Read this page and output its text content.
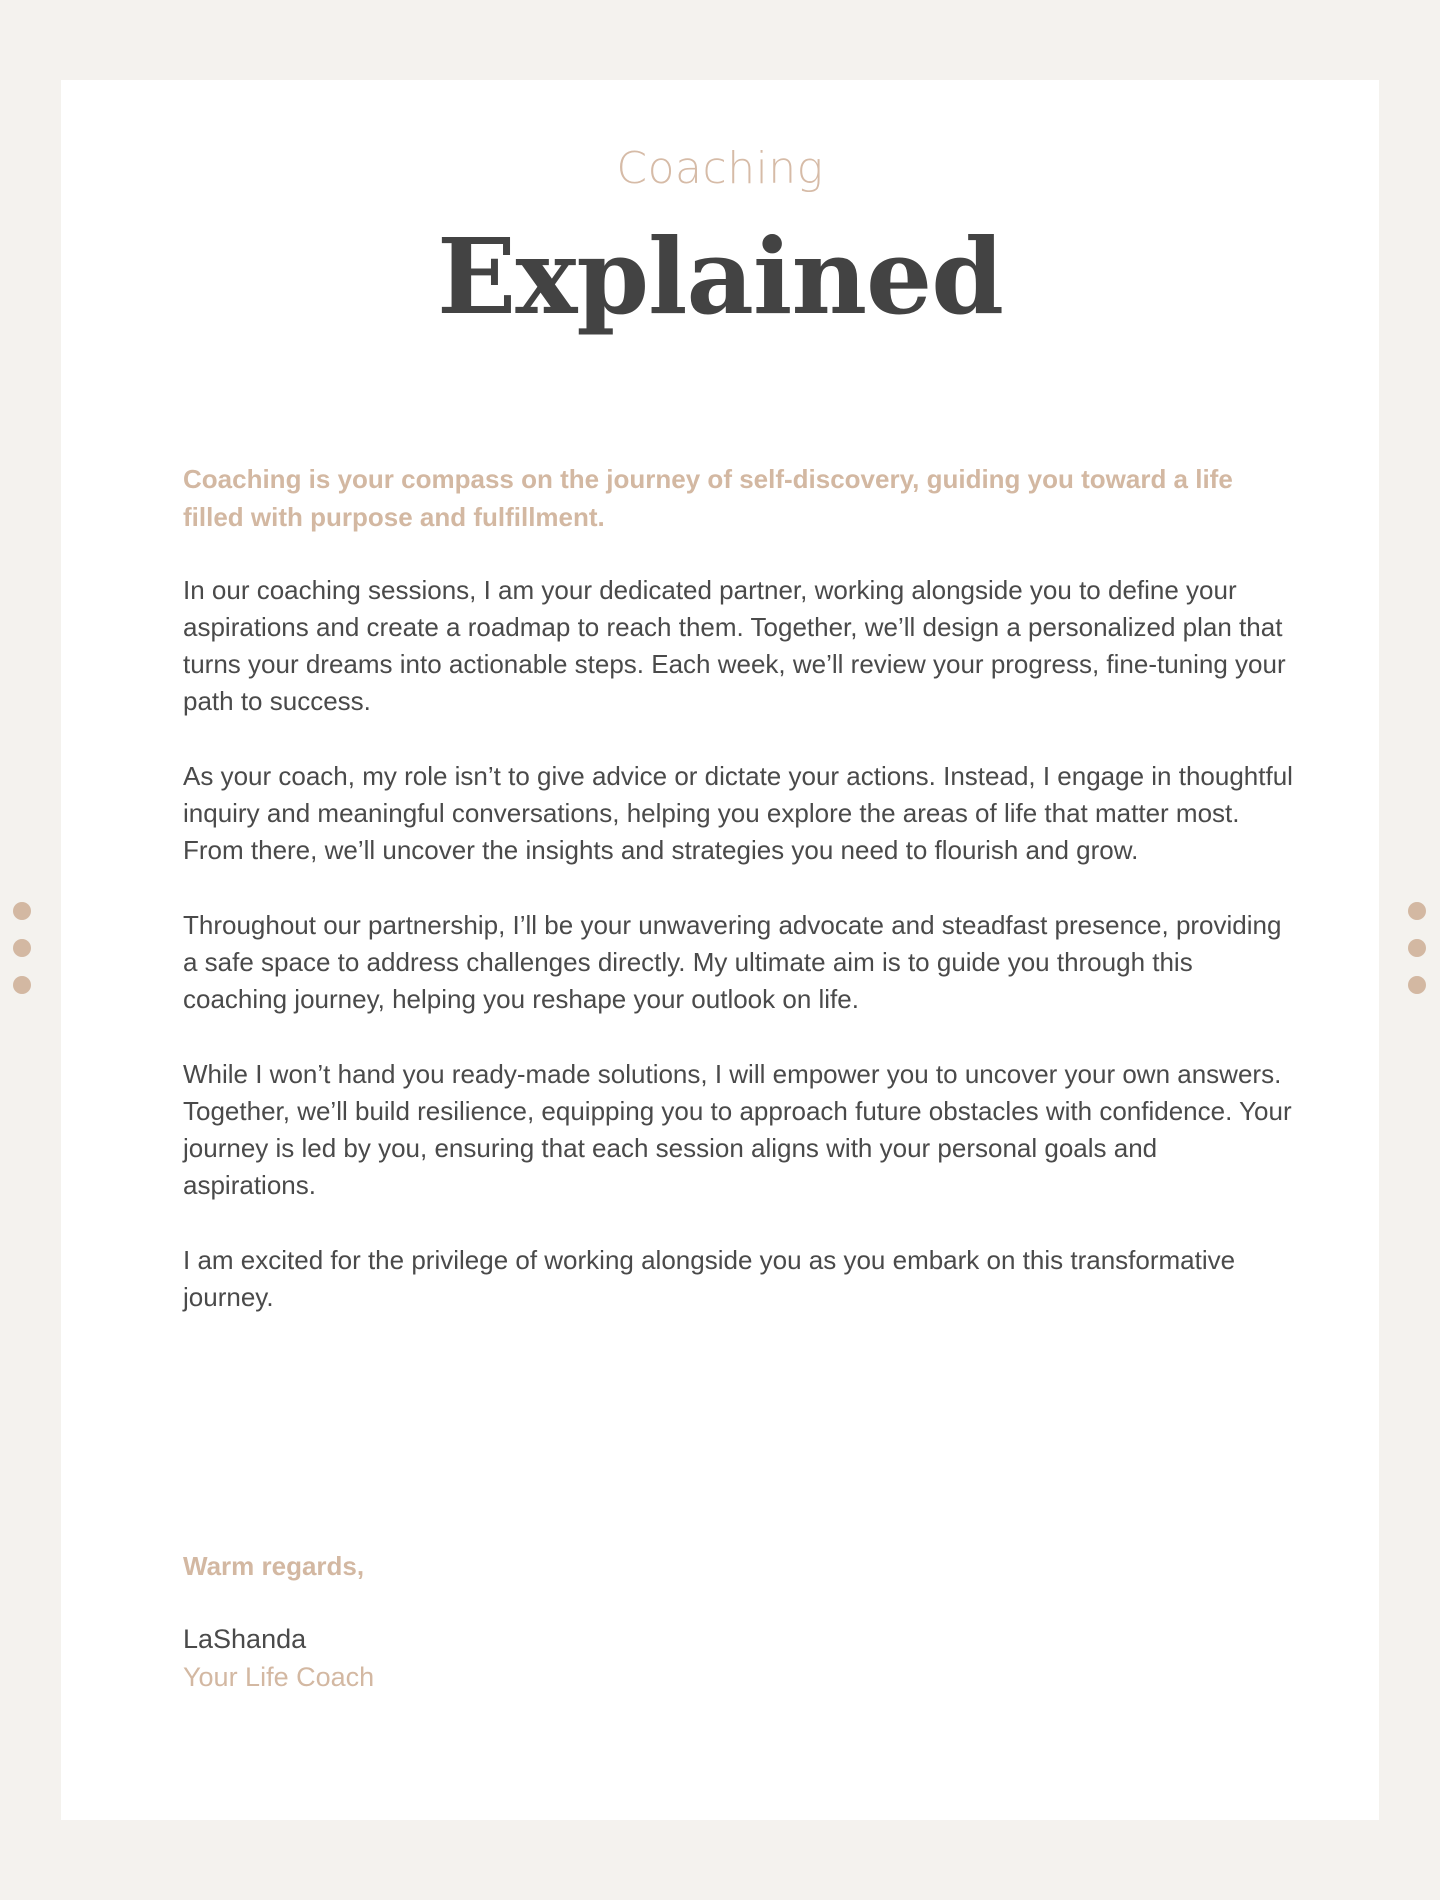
Coaching

Explained

Coaching is your compass on the journey of self-discovery, guiding you toward a life filled with purpose and fulfillment.

In our coaching sessions, I am your dedicated partner, working alongside you to define your aspirations and create a roadmap to reach them. Together, we’ll design a personalized plan that turns your dreams into actionable steps. Each week, we’ll review your progress, fine-tuning your path to success.

As your coach, my role isn’t to give advice or dictate your actions. Instead, I engage in thoughtful inquiry and meaningful conversations, helping you explore the areas of life that matter most. From there, we’ll uncover the insights and strategies you need to flourish and grow.

Throughout our partnership, I’ll be your unwavering advocate and steadfast presence, providing a safe space to address challenges directly. My ultimate aim is to guide you through this coaching journey, helping you reshape your outlook on life.

While I won’t hand you ready-made solutions, I will empower you to uncover your own answers. Together, we’ll build resilience, equipping you to approach future obstacles with confidence. Your journey is led by you, ensuring that each session aligns with your personal goals and aspirations.

I am excited for the privilege of working alongside you as you embark on this transformative journey.

Warm regards,

LaShanda

Your Life Coach
